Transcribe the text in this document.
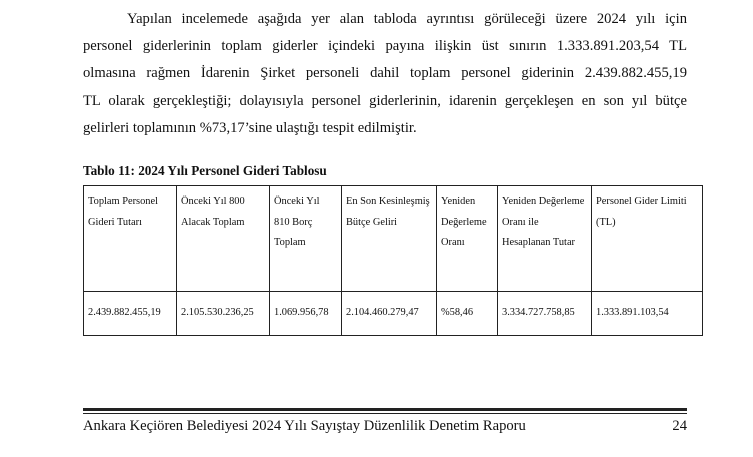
Yapılan incelemede aşağıda yer alan tabloda ayrıntısı görüleceği üzere 2024 yılı için
personel giderlerinin toplam giderler içindeki payına ilişkin üst sınırın 1.333.891.203,54 TL
olmasına rağmen İdarenin Şirket personeli dahil toplam personel giderinin 2.439.882.455,19
TL olarak gerçekleştiği; dolayısıyla personel giderlerinin, idarenin gerçekleşen en son yıl bütçe
gelirleri toplamının %73,17’sine ulaştığı tespit edilmiştir.
Tablo 11: 2024 Yılı Personel Gideri Tablosu
Toplam Personel Gideri Tutarı	Önceki Yıl 800 Alacak Toplam	Önceki Yıl 810 Borç Toplam	En Son Kesinleşmiş Bütçe Geliri	Yeniden Değerleme Oranı	Yeniden Değerleme Oranı ile Hesaplanan Tutar	Personel Gider Limiti (TL)
2.439.882.455,19	2.105.530.236,25	1.069.956,78	2.104.460.279,47	%58,46	3.334.727.758,85	1.333.891.103,54
Ankara Keçiören Belediyesi 2024 Yılı Sayıştay Düzenlilik Denetim Raporu	24
